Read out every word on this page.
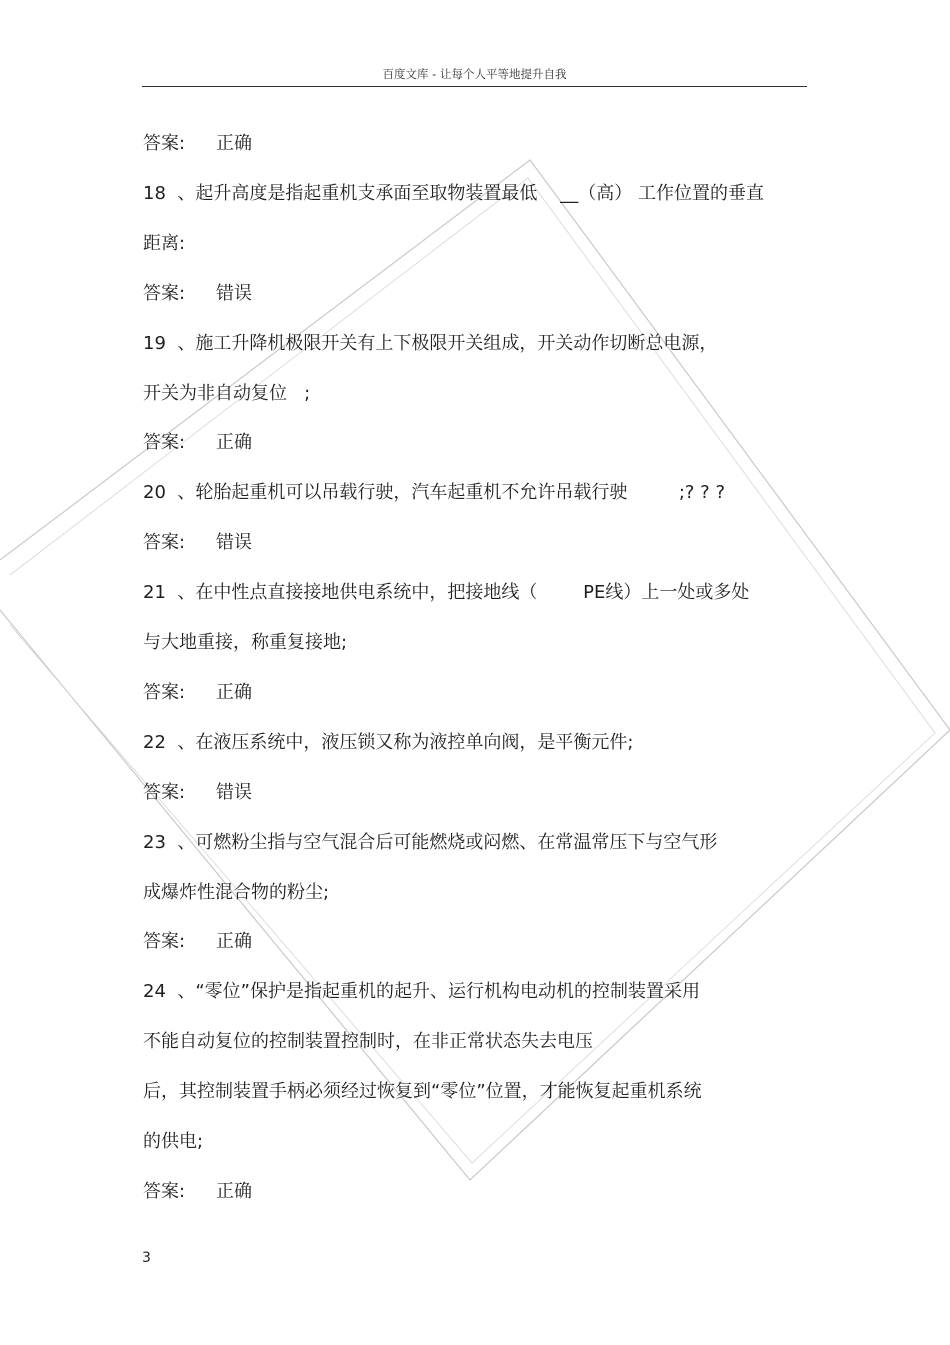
百度文库 - 让每个人平等地提升自我
答案: 正确
18  、起升高度是指起重机支承面至取物装置最低    __（高） 工作位置的垂直
距离:
答案: 错误
19  、施工升降机极限开关有上下极限开关组成，开关动作切断总电源，
开关为非自动复位   ;
答案: 正确
20  、轮胎起重机可以吊载行驶，汽车起重机不允许吊载行驶         ;? ? ?
答案: 错误
21  、在中性点直接接地供电系统中，把接地线（        PE线）上一处或多处
与大地重接，称重复接地;
答案: 正确
22  、在液压系统中，液压锁又称为液控单向阀，是平衡元件;
答案: 错误
23  、可燃粉尘指与空气混合后可能燃烧或闷燃、在常温常压下与空气形
成爆炸性混合物的粉尘;
答案: 正确
24  、“零位”保护是指起重机的起升、运行机构电动机的控制装置采用
不能自动复位的控制装置控制时，在非正常状态失去电压
后，其控制装置手柄必须经过恢复到“零位”位置，才能恢复起重机系统
的供电;
答案: 正确
3
